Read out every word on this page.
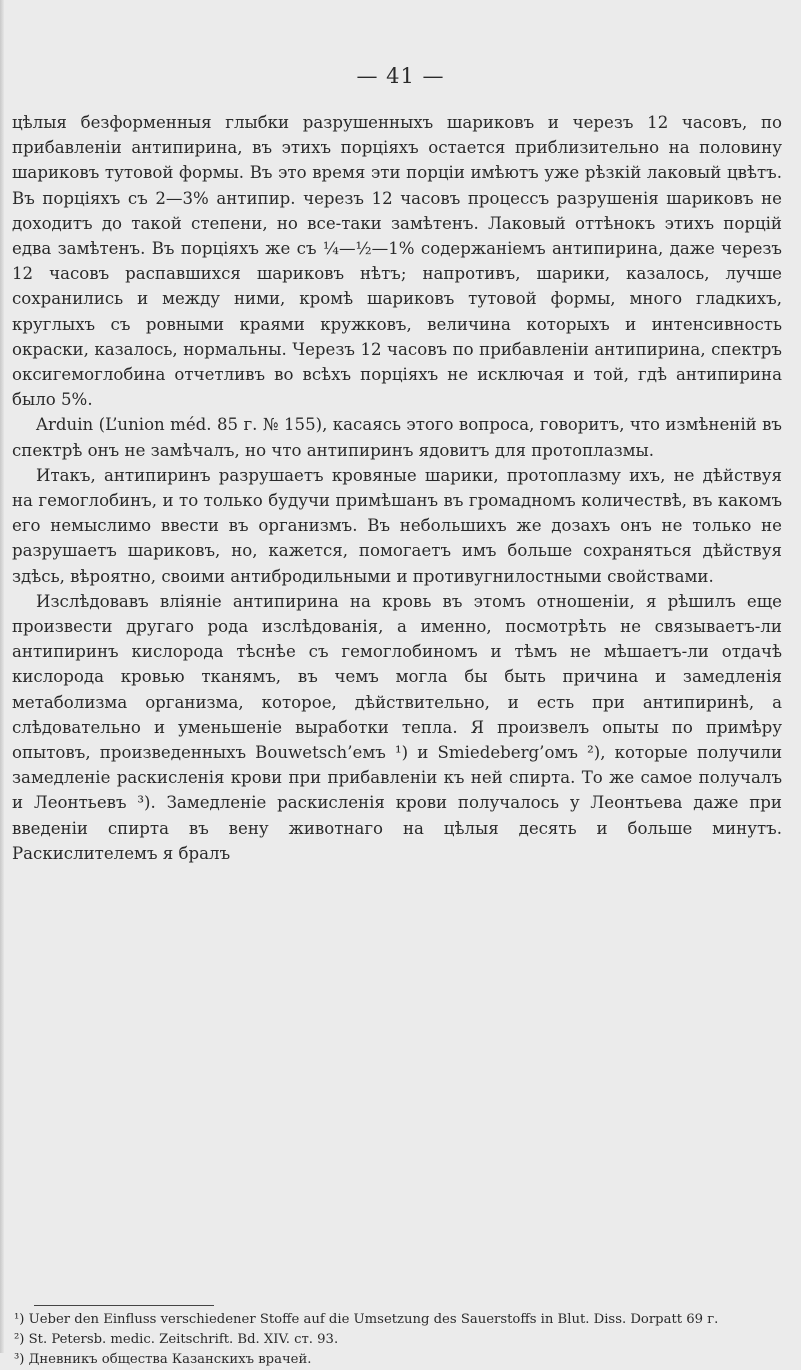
— 41 —

цѣлыя безформенныя глыбки разрушенныхъ шариковъ и черезъ 12 часовъ, по прибавленіи антипирина, въ этихъ порціяхъ остается приблизительно на половину шариковъ тутовой формы. Въ это время эти порціи имѣютъ уже рѣзкій лаковый цвѣтъ. Въ порціяхъ съ 2—3% антипир. черезъ 12 часовъ процессъ разрушенія шариковъ не доходитъ до такой степени, но все-таки замѣтенъ. Лаковый оттѣнокъ этихъ порцій едва замѣтенъ. Въ порціяхъ же съ ¼—½—1% содержаніемъ антипирина, даже черезъ 12 часовъ распавшихся шариковъ нѣтъ; напротивъ, шарики, казалось, лучше сохранились и между ними, кромѣ шариковъ тутовой формы, много гладкихъ, круглыхъ съ ровными краями кружковъ, величина которыхъ и интенсивность окраски, казалось, нормальны. Черезъ 12 часовъ по прибавленіи антипирина, спектръ оксигемоглобина отчетливъ во всѣхъ порціяхъ не исключая и той, гдѣ антипирина было 5%.

Arduin (L’union méd. 85 г. № 155), касаясь этого вопроса, говоритъ, что измѣненій въ спектрѣ онъ не замѣчалъ, но что антипиринъ ядовитъ для протоплазмы.

Итакъ, антипиринъ разрушаетъ кровяные шарики, протоплазму ихъ, не дѣйствуя на гемоглобинъ, и то только будучи примѣшанъ въ громадномъ количествѣ, въ какомъ его немыслимо ввести въ организмъ. Въ небольшихъ же дозахъ онъ не только не разрушаетъ шариковъ, но, кажется, помогаетъ имъ больше сохраняться дѣйствуя здѣсь, вѣроятно, своими антибродильными и противугнилостными свойствами.

Изслѣдовавъ вліяніе антипирина на кровь въ этомъ отношеніи, я рѣшилъ еще произвести другаго рода изслѣдованія, а именно, посмотрѣть не связываетъ-ли антипиринъ кислорода тѣснѣе съ гемоглобиномъ и тѣмъ не мѣшаетъ-ли отдачѣ кислорода кровью тканямъ, въ чемъ могла бы быть причина и замедленія метаболизма организма, которое, дѣйствительно, и есть при антипиринѣ, а слѣдовательно и уменьшеніе выработки тепла. Я произвелъ опыты по примѣру опытовъ, произведенныхъ Bouwetsch’емъ ¹) и Smiedeberg’омъ ²), которые получили замедленіе раскисленія крови при прибавленіи къ ней спирта. То же самое получалъ и Леонтьевъ ³). Замедленіе раскисленія крови получалось у Леонтьева даже при введеніи спирта въ вену животнаго на цѣлыя десять и больше минутъ. Раскислителемъ я бралъ

¹) Ueber den Einfluss verschiedener Stoffe auf die Umsetzung des Sauerstoffs in Blut. Diss. Dorpatt 69 г.

²) St. Petersb. medic. Zeitschrift. Bd. XIV. ст. 93.

³) Дневникъ общества Казанскихъ врачей.
